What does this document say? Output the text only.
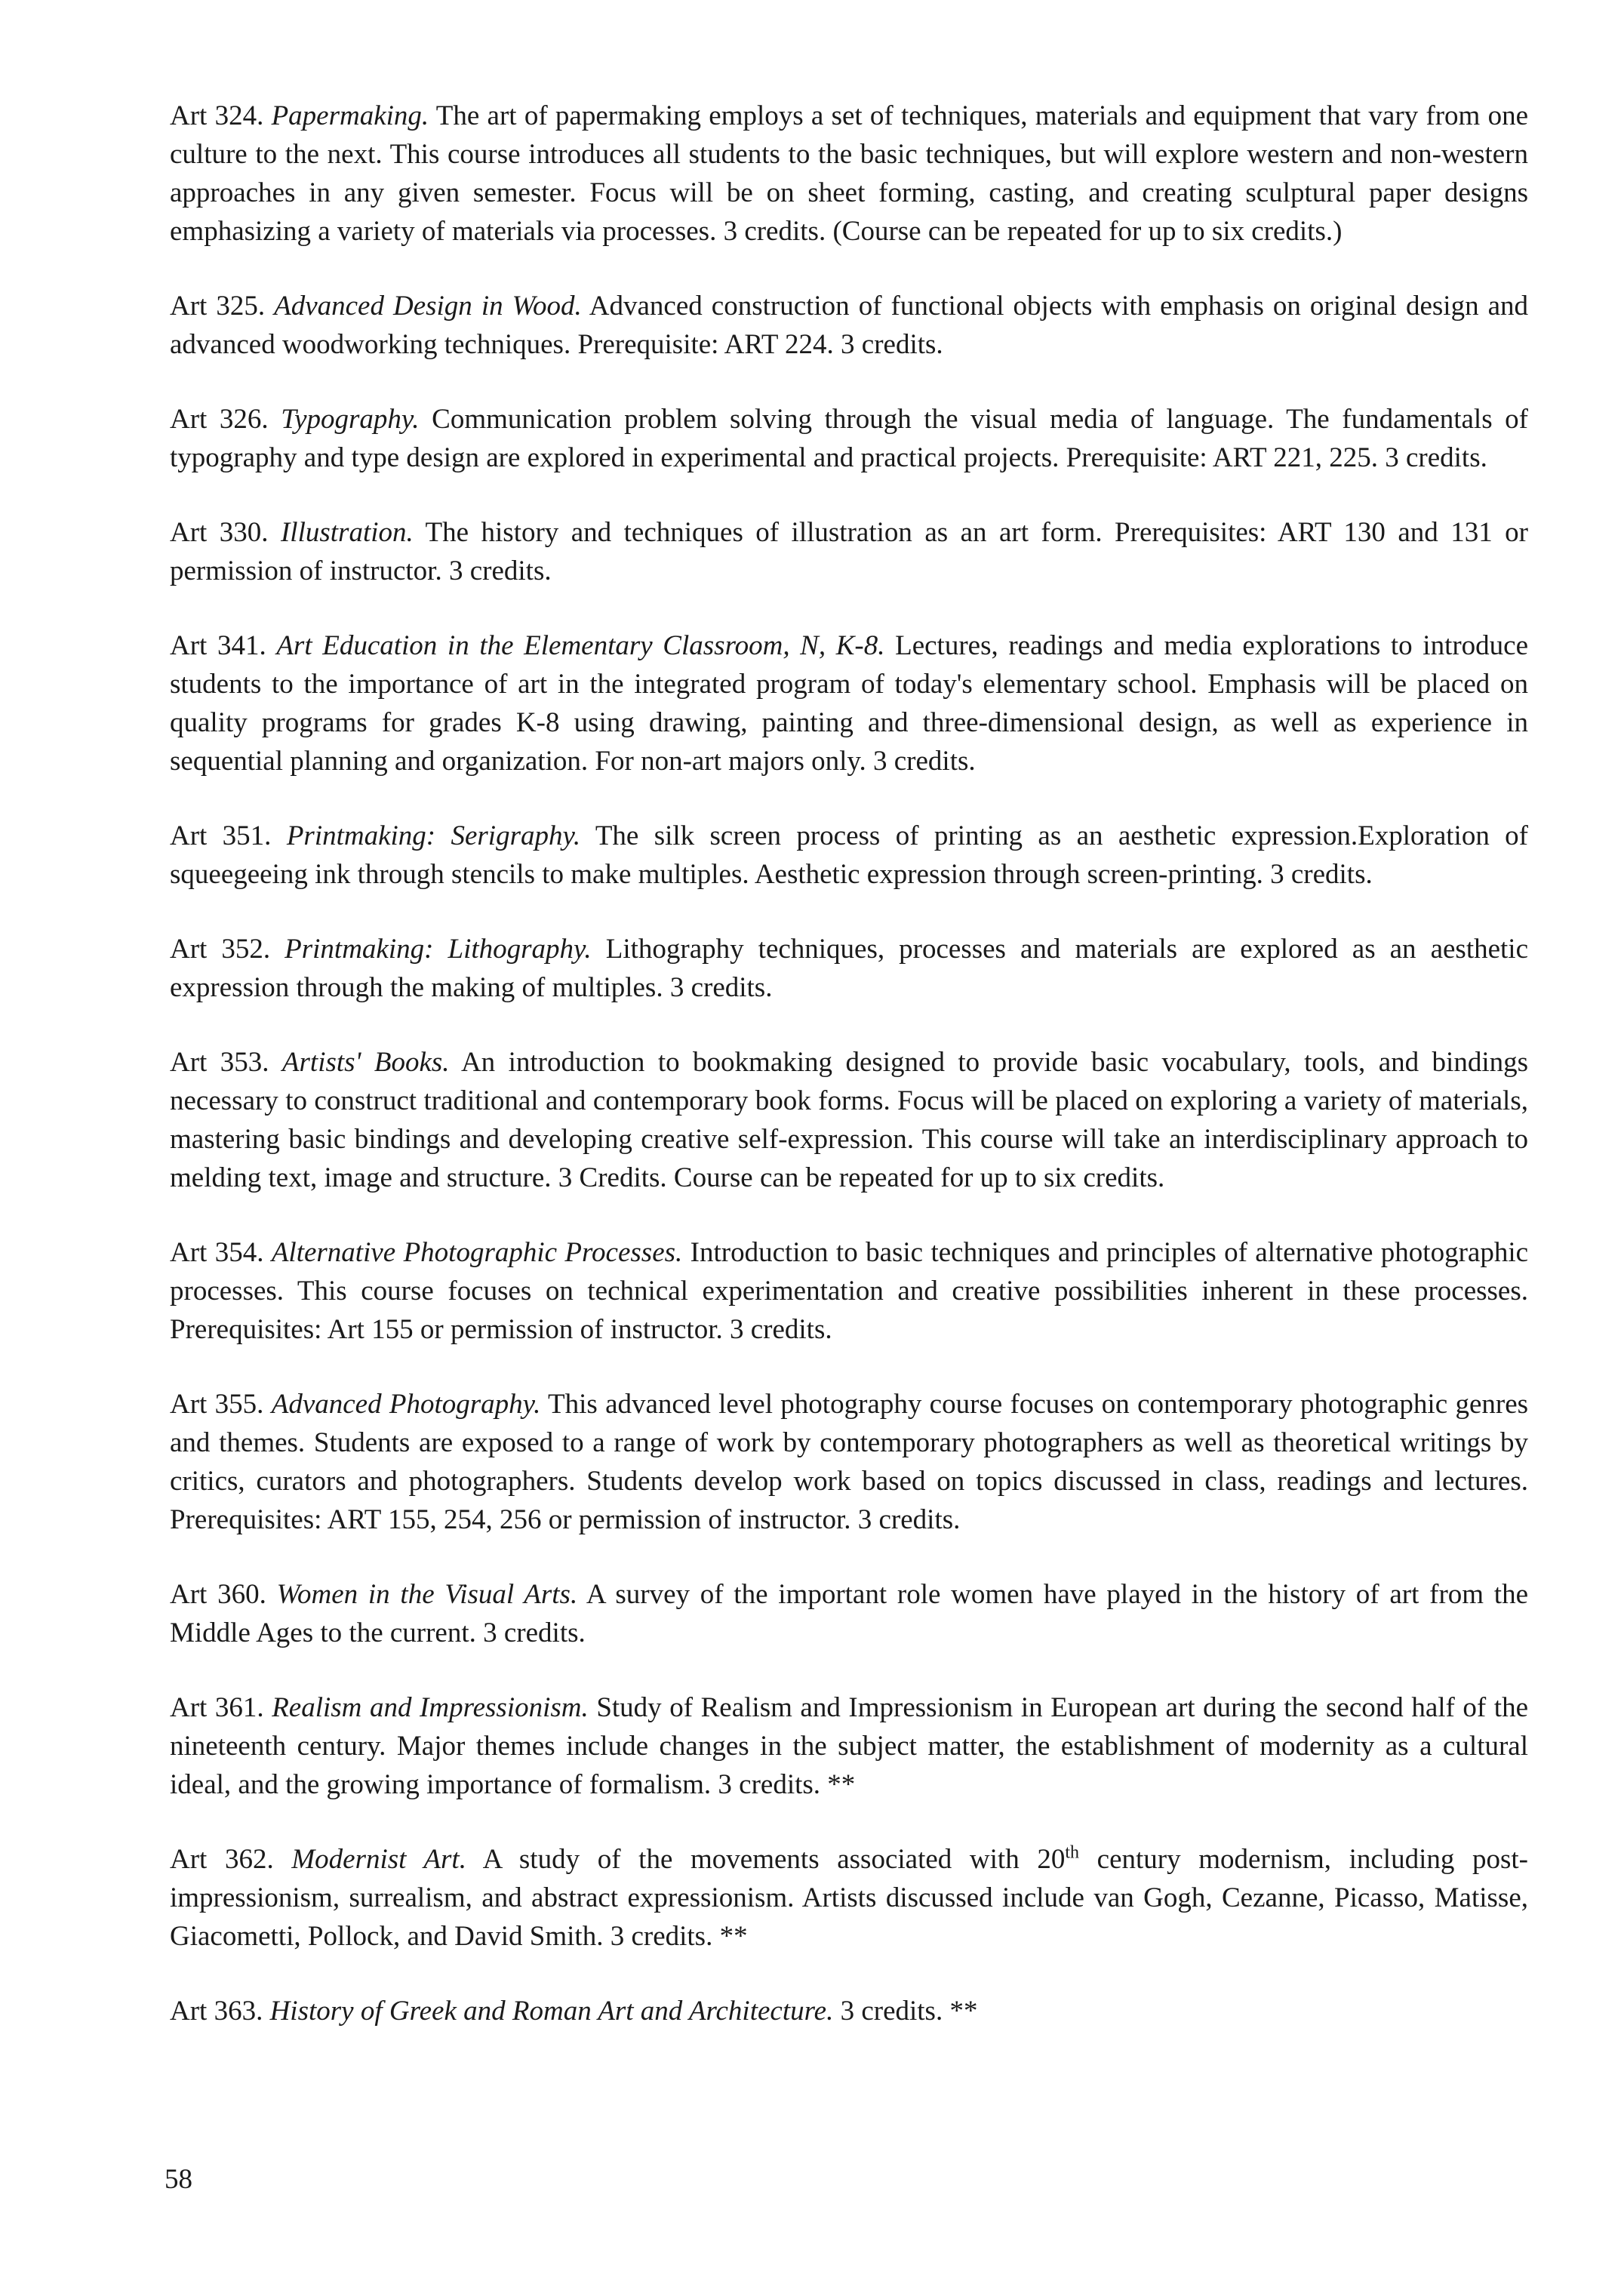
Art 324. Papermaking. The art of papermaking employs a set of techniques, materials and equipment that vary from one culture to the next. This course introduces all students to the basic techniques, but will explore western and non-western approaches in any given semester. Focus will be on sheet forming, casting, and creating sculptural paper designs emphasizing a variety of materials via processes. 3 credits. (Course can be repeated for up to six credits.)

Art 325. Advanced Design in Wood. Advanced construction of functional objects with emphasis on original design and advanced woodworking techniques. Prerequisite: ART 224. 3 credits.

Art 326. Typography. Communication problem solving through the visual media of language. The fundamentals of typography and type design are explored in experimental and practical projects. Prerequisite: ART 221, 225. 3 credits.

Art 330. Illustration. The history and techniques of illustration as an art form. Prerequisites: ART 130 and 131 or permission of instructor. 3 credits.

Art 341. Art Education in the Elementary Classroom, N, K-8. Lectures, readings and media explorations to introduce students to the importance of art in the integrated program of today's elementary school. Emphasis will be placed on quality programs for grades K-8 using drawing, painting and three-dimensional design, as well as experience in sequential planning and organization. For non-art majors only. 3 credits.

Art 351. Printmaking: Serigraphy. The silk screen process of printing as an aesthetic expression.Exploration of squeegeeing ink through stencils to make multiples. Aesthetic expression through screen-printing. 3 credits.

Art 352. Printmaking: Lithography. Lithography techniques, processes and materials are explored as an aesthetic expression through the making of multiples. 3 credits.

Art 353. Artists' Books. An introduction to bookmaking designed to provide basic vocabulary, tools, and bindings necessary to construct traditional and contemporary book forms. Focus will be placed on exploring a variety of materials, mastering basic bindings and developing creative self-expression. This course will take an interdisciplinary approach to melding text, image and structure. 3 Credits. Course can be repeated for up to six credits.

Art 354. Alternative Photographic Processes. Introduction to basic techniques and principles of alternative photographic processes. This course focuses on technical experimentation and creative possibilities inherent in these processes. Prerequisites: Art 155 or permission of instructor. 3 credits.

Art 355. Advanced Photography. This advanced level photography course focuses on contemporary photographic genres and themes. Students are exposed to a range of work by contemporary photographers as well as theoretical writings by critics, curators and photographers. Students develop work based on topics discussed in class, readings and lectures. Prerequisites: ART 155, 254, 256 or permission of instructor. 3 credits.

Art 360. Women in the Visual Arts. A survey of the important role women have played in the history of art from the Middle Ages to the current. 3 credits.

Art 361. Realism and Impressionism. Study of Realism and Impressionism in European art during the second half of the nineteenth century. Major themes include changes in the subject matter, the establishment of modernity as a cultural ideal, and the growing importance of formalism. 3 credits. **

Art 362. Modernist Art. A study of the movements associated with 20th century modernism, including post-impressionism, surrealism, and abstract expressionism. Artists discussed include van Gogh, Cezanne, Picasso, Matisse, Giacometti, Pollock, and David Smith. 3 credits. **

Art 363. History of Greek and Roman Art and Architecture. 3 credits. **

58
